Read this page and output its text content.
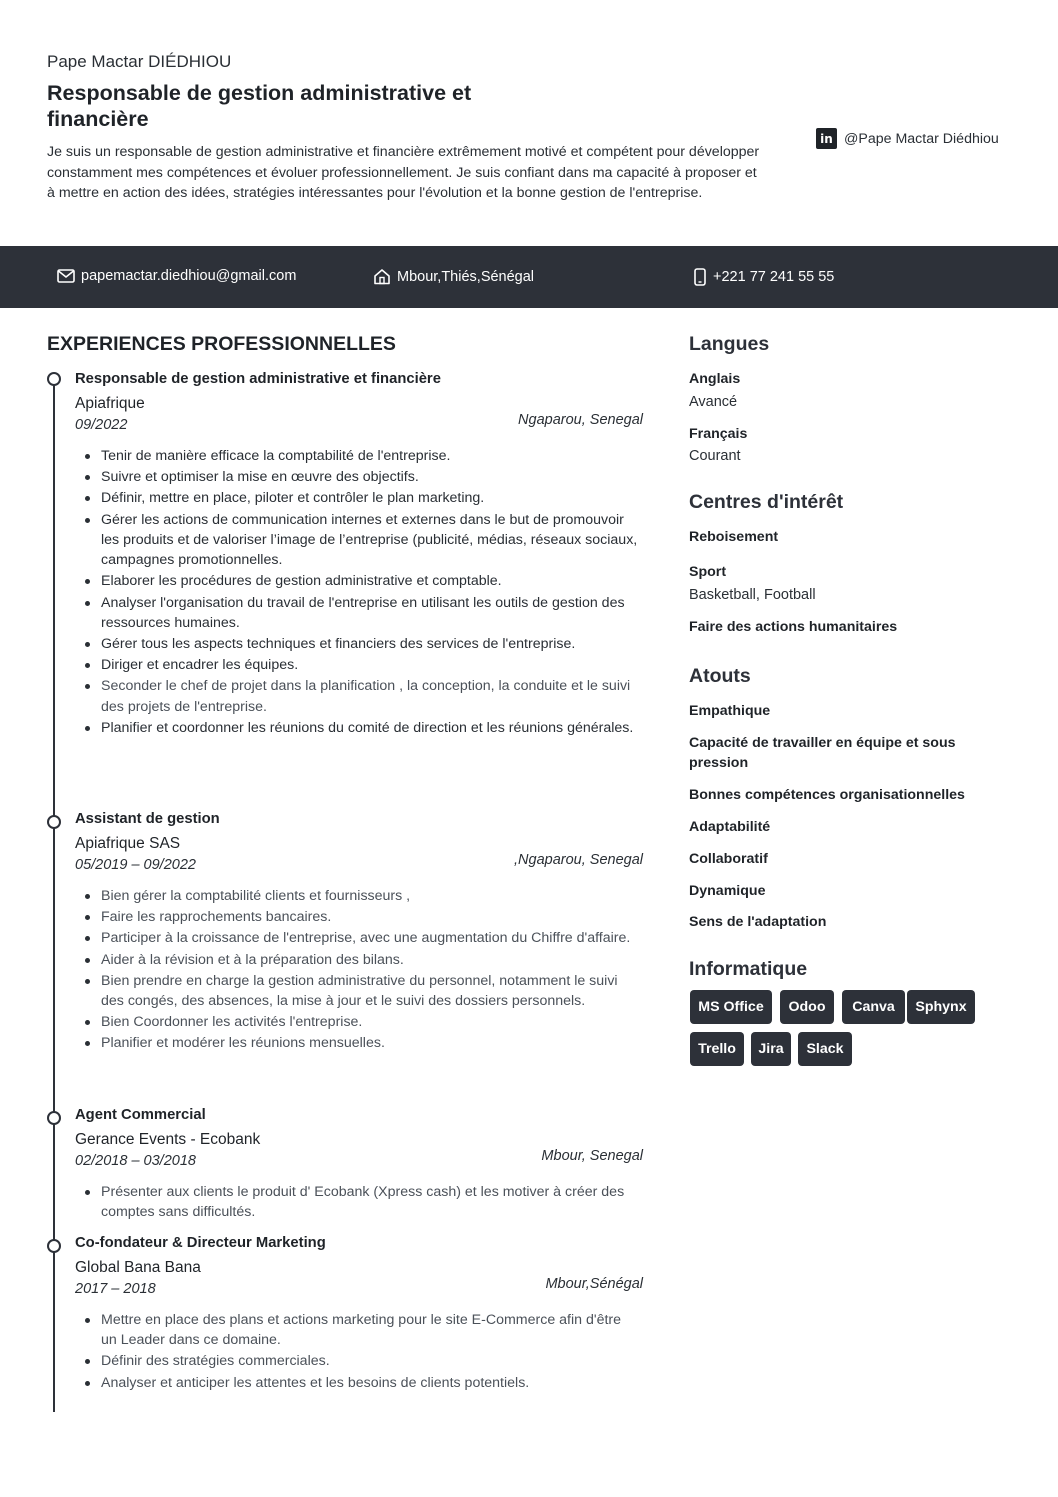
Pape Mactar DIÉDHIOU
Responsable de gestion administrative et financière
Je suis un responsable de gestion administrative et financière extrêmement motivé et compétent pour développer constamment mes compétences et évoluer professionnellement. Je suis confiant dans ma capacité à proposer et à mettre en action des idées, stratégies intéressantes pour l'évolution et la bonne gestion de l'entreprise.
in @Pape Mactar Diédhiou
papemactar.diedhiou@gmail.com	Mbour,Thiés,Sénégal	+221 77 241 55 55
EXPERIENCES PROFESSIONNELLES
Responsable de gestion administrative et financière
Apiafrique
09/2022	Ngaparou, Senegal
Tenir de manière efficace la comptabilité de l'entreprise.
Suivre et optimiser la mise en œuvre des objectifs.
Définir, mettre en place, piloter et contrôler le plan marketing.
Gérer les actions de communication internes et externes dans le but de promouvoir les produits et de valoriser l’image de l’entreprise (publicité, médias, réseaux sociaux, campagnes promotionnelles.
Elaborer les procédures de gestion administrative et comptable.
Analyser l'organisation du travail de l'entreprise en utilisant les outils de gestion des ressources humaines.
Gérer tous les aspects techniques et financiers des services de l'entreprise.
Diriger et encadrer les équipes.
Seconder le chef de projet dans la planification , la conception, la conduite et le suivi des projets de l'entreprise.
Planifier et coordonner les réunions du comité de direction et les réunions générales.
Assistant de gestion
Apiafrique SAS
05/2019 – 09/2022	,Ngaparou, Senegal
Bien gérer la comptabilité clients et fournisseurs ,
Faire les rapprochements bancaires.
Participer à la croissance de l'entreprise, avec une augmentation du Chiffre d'affaire.
Aider à la révision et à la préparation des bilans.
Bien prendre en charge la gestion administrative du personnel, notamment le suivi des congés, des absences, la mise à jour et le suivi des dossiers personnels.
Bien Coordonner les activités l'entreprise.
Planifier et modérer les réunions mensuelles.
Agent Commercial
Gerance Events - Ecobank
02/2018 – 03/2018	Mbour, Senegal
Présenter aux clients le produit d' Ecobank (Xpress cash) et les motiver à créer des comptes sans difficultés.
Co-fondateur & Directeur Marketing
Global Bana Bana
2017 – 2018	Mbour,Sénégal
Mettre en place des plans et actions marketing pour le site E-Commerce afin d'être un Leader dans ce domaine.
Définir des stratégies commerciales.
Analyser et anticiper les attentes et les besoins de clients potentiels.
Langues
Anglais
Avancé
Français
Courant
Centres d'intérêt
Reboisement
Sport
Basketball, Football
Faire des actions humanitaires
Atouts
Empathique
Capacité de travailler en équipe et sous pression
Bonnes compétences organisationnelles
Adaptabilité
Collaboratif
Dynamique
Sens de l'adaptation
Informatique
MS Office	Odoo	Canva	Sphynx
Trello	Jira	Slack
